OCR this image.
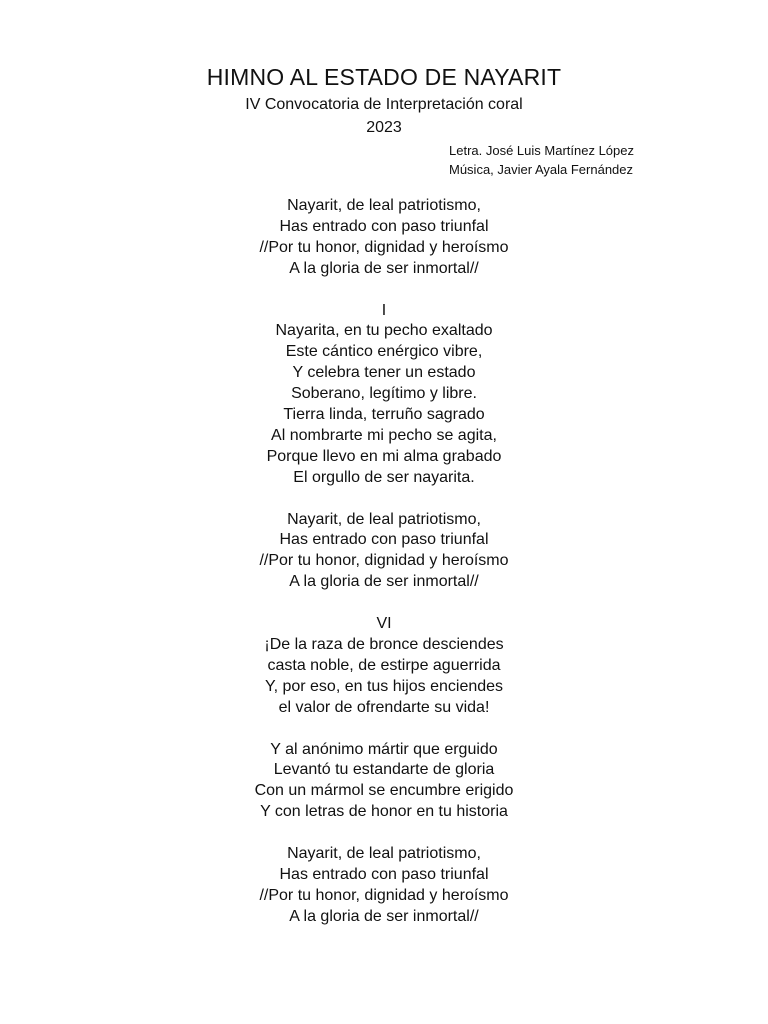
HIMNO AL ESTADO DE NAYARIT
IV Convocatoria de Interpretación coral
2023
Letra. José Luis Martínez López
Música, Javier Ayala Fernández
Nayarit, de leal patriotismo,
Has entrado con paso triunfal
//Por tu honor, dignidad y heroísmo
A la gloria de ser inmortal//
I
Nayarita, en tu pecho exaltado
Este cántico enérgico vibre,
Y celebra tener un estado
Soberano, legítimo y libre.
Tierra linda, terruño sagrado
Al nombrarte mi pecho se agita,
Porque llevo en mi alma grabado
El orgullo de ser nayarita.
Nayarit, de leal patriotismo,
Has entrado con paso triunfal
//Por tu honor, dignidad y heroísmo
A la gloria de ser inmortal//
VI
¡De la raza de bronce desciendes
casta noble, de estirpe aguerrida
Y, por eso, en tus hijos enciendes
el valor de ofrendarte su vida!
Y al anónimo mártir que erguido
Levantó tu estandarte de gloria
Con un mármol se encumbre erigido
Y con letras de honor en tu historia
Nayarit, de leal patriotismo,
Has entrado con paso triunfal
//Por tu honor, dignidad y heroísmo
A la gloria de ser inmortal//
